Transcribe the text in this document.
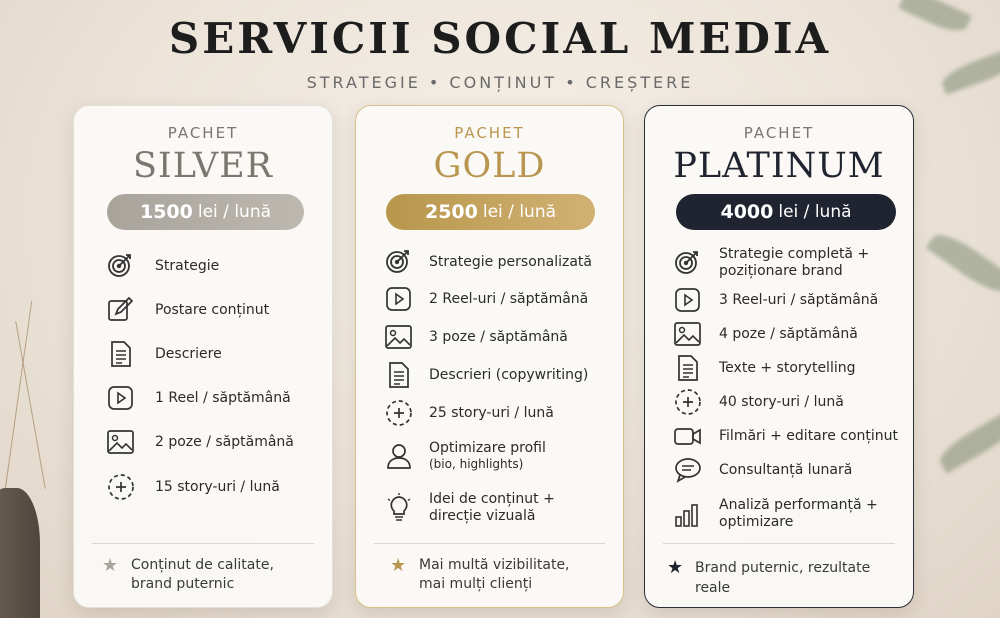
SERVICII SOCIAL MEDIA
STRATEGIE • CONȚINUT • CREȘTERE
PACHET
SILVER
1500 lei / lună
Strategie
Postare conținut
Descriere
1 Reel / săptămână
2 poze / săptămână
15 story-uri / lună
★ Conținut de calitate, brand puternic
PACHET
GOLD
2500 lei / lună
Strategie personalizată
2 Reel-uri / săptămână
3 poze / săptămână
Descrieri (copywriting)
25 story-uri / lună
Optimizare profil
(bio, highlights)
Idei de conținut + direcție vizuală
★ Mai multă vizibilitate, mai mulți clienți
PACHET
PLATINUM
4000 lei / lună
Strategie completă + poziționare brand
3 Reel-uri / săptămână
4 poze / săptămână
Texte + storytelling
40 story-uri / lună
Filmări + editare conținut
Consultanță lunară
Analiză performanță + optimizare
★ Brand puternic, rezultate reale
